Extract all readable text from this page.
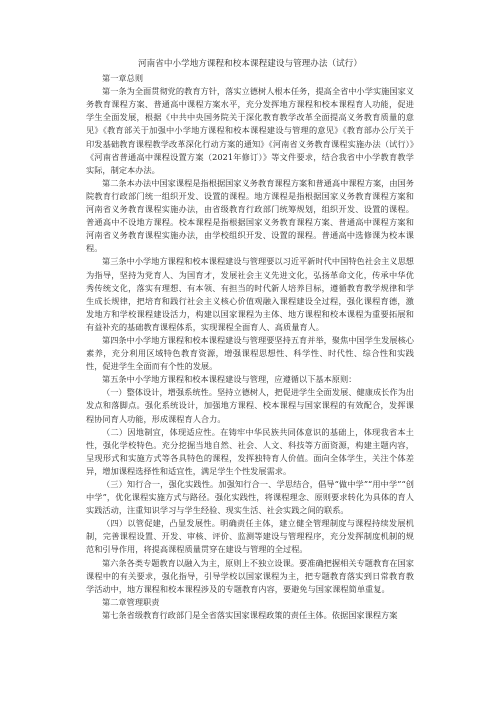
河南省中小学地方课程和校本课程建设与管理办法（试行）

第一章总则

第一条为全面贯彻党的教育方针，落实立德树人根本任务，提高全省中小学实施国家义务教育课程方案、普通高中课程方案水平，充分发挥地方课程和校本课程育人功能，促进学生全面发展，根据《中共中央国务院关于深化教育教学改革全面提高义务教育质量的意见》《教育部关于加强中小学地方课程和校本课程建设与管理的意见》《教育部办公厅关于印发基础教育课程教学改革深化行动方案的通知》《河南省义务教育课程实施办法（试行）》《河南省普通高中课程设置方案（2021年修订）》等文件要求，结合我省中小学教育教学实际，制定本办法。

第二条本办法中国家课程是指根据国家义务教育课程方案和普通高中课程方案，由国务院教育行政部门统一组织开发、设置的课程。地方课程是指根据国家义务教育课程方案和河南省义务教育课程实施办法，由省级教育行政部门统筹规划，组织开发、设置的课程。普通高中不设地方课程。校本课程是指根据国家义务教育课程方案、普通高中课程方案和河南省义务教育课程实施办法，由学校组织开发、设置的课程。普通高中选修课为校本课程。

第三条中小学地方课程和校本课程建设与管理要以习近平新时代中国特色社会主义思想为指导，坚持为党育人、为国育才，发展社会主义先进文化，弘扬革命文化，传承中华优秀传统文化，落实有理想、有本领、有担当的时代新人培养目标，遵循教育教学规律和学生成长规律，把培育和践行社会主义核心价值观融入课程建设全过程，强化课程育德，激发地方和学校课程建设活力，构建以国家课程为主体、地方课程和校本课程为重要拓展和有益补充的基础教育课程体系，实现课程全面育人、高质量育人。

第四条中小学地方课程和校本课程建设与管理要坚持五育并举，聚焦中国学生发展核心素养，充分利用区域特色教育资源，增强课程思想性、科学性、时代性、综合性和实践性，促进学生全面而有个性的发展。

第五条中小学地方课程和校本课程建设与管理，应遵循以下基本原则：

（一）整体设计，增强系统性。坚持立德树人，把促进学生全面发展、健康成长作为出发点和落脚点。强化系统设计，加强地方课程、校本课程与国家课程的有效配合，发挥课程协同育人功能，形成课程育人合力。

（二）因地制宜，体现适应性。在铸牢中华民族共同体意识的基础上，体现我省本土性，强化学校特色。充分挖掘当地自然、社会、人文、科技等方面资源，构建主题内容，呈现形式和实施方式等各具特色的课程，发挥独特育人价值。面向全体学生，关注个体差异，增加课程选择性和适宜性，满足学生个性发展需求。

（三）知行合一，强化实践性。加强知行合一、学思结合，倡导“做中学”“用中学”“创中学”，优化课程实施方式与路径。强化实践性，将课程理念、原则要求转化为具体的育人实践活动，注重知识学习与学生经验、现实生活、社会实践之间的联系。

（四）以管促建，凸显发展性。明确责任主体，建立健全管理制度与课程持续发展机制，完善课程设置、开发、审核、评价、监测等建设与管理程序，充分发挥制度机制的规范和引导作用，将提高课程质量贯穿在建设与管理的全过程。

第六条各类专题教育以融入为主，原则上不独立设课。要准确把握相关专题教育在国家课程中的有关要求，强化指导，引导学校以国家课程为主，把专题教育落实到日常教育教学活动中，地方课程和校本课程涉及的专题教育内容，要避免与国家课程简单重复。

第二章管理职责

第七条省级教育行政部门是全省落实国家课程政策的责任主体。依据国家课程方案
